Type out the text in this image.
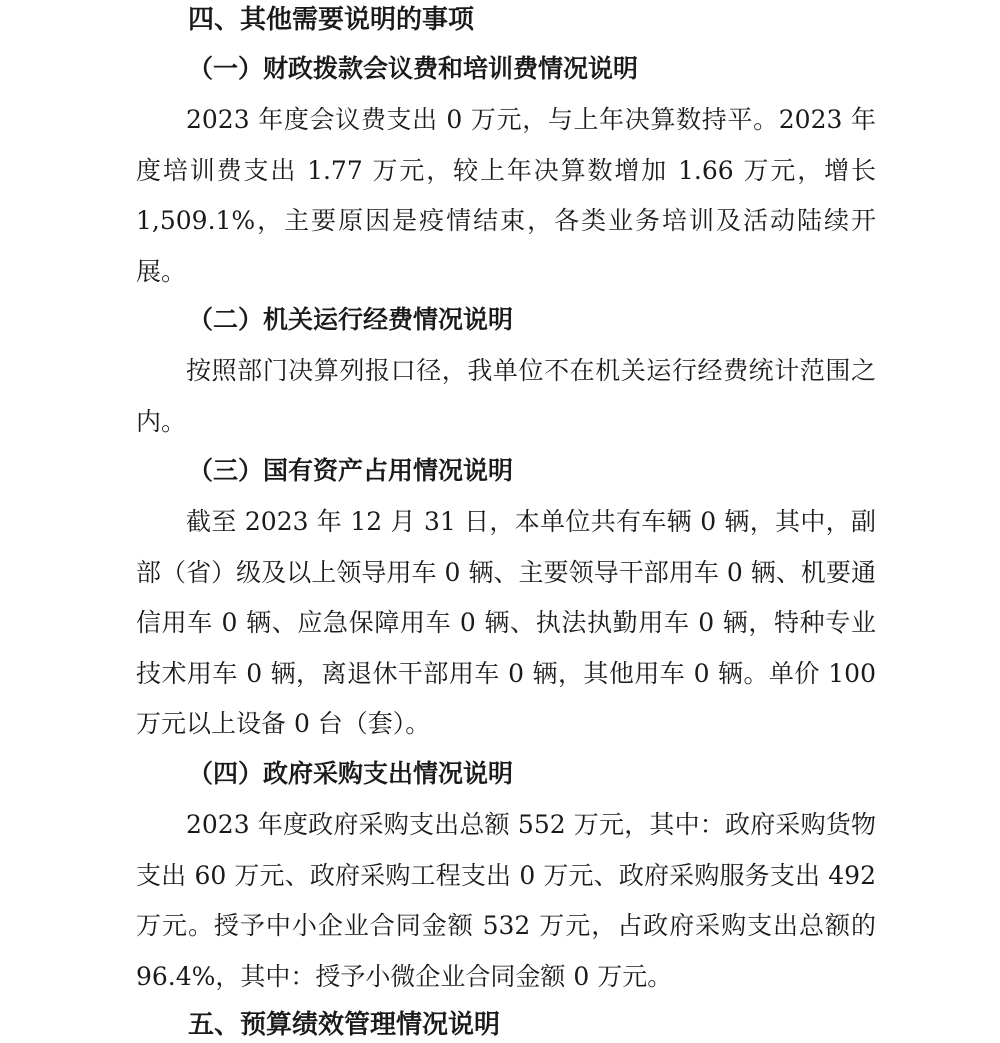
四、其他需要说明的事项
（一）财政拨款会议费和培训费情况说明

2023 年度会议费支出 0 万元，与上年决算数持平。2023 年度培训费支出 1.77 万元，较上年决算数增加 1.66 万元，增长 1,509.1%，主要原因是疫情结束，各类业务培训及活动陆续开展。

（二）机关运行经费情况说明

按照部门决算列报口径，我单位不在机关运行经费统计范围之内。

（三）国有资产占用情况说明

截至 2023 年 12 月 31 日，本单位共有车辆 0 辆，其中，副部（省）级及以上领导用车 0 辆、主要领导干部用车 0 辆、机要通信用车 0 辆、应急保障用车 0 辆、执法执勤用车 0 辆，特种专业技术用车 0 辆，离退休干部用车 0 辆，其他用车 0 辆。单价 100 万元以上设备 0 台（套）。

（四）政府采购支出情况说明

2023 年度政府采购支出总额 552 万元，其中：政府采购货物支出 60 万元、政府采购工程支出 0 万元、政府采购服务支出 492 万元。授予中小企业合同金额 532 万元，占政府采购支出总额的 96.4%，其中：授予小微企业合同金额 0 万元。

五、预算绩效管理情况说明
